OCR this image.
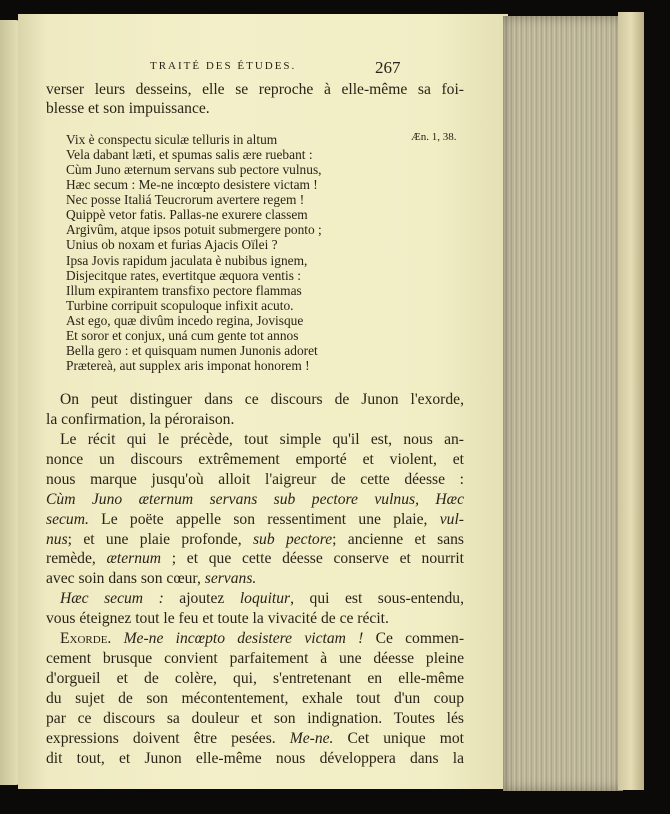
TRAITÉ DES ÉTUDES.	267
Æn. 1, 38.
verser leurs desseins, elle se reproche à elle-même sa foi-
blesse et son impuissance.
Vix è conspectu siculæ telluris in altum
Vela dabant læti, et spumas salis ære ruebant :
Cùm Juno æternum servans sub pectore vulnus,
Hæc secum : Me-ne incœpto desistere victam !
Nec posse Italiá Teucrorum avertere regem !
Quippè vetor fatis. Pallas-ne exurere classem
Argivûm, atque ipsos potuit submergere ponto ;
Unius ob noxam et furias Ajacis Oïlei ?
Ipsa Jovis rapidum jaculata è nubibus ignem,
Disjecitque rates, evertitque æquora ventis :
Illum expirantem transfixo pectore flammas
Turbine corripuit scopuloque infixit acuto.
Ast ego, quæ divûm incedo regina, Jovisque
Et soror et conjux, uná cum gente tot annos
Bella gero : et quisquam numen Junonis adoret
Prætereà, aut supplex aris imponat honorem !
On peut distinguer dans ce discours de Junon l'exorde,
la confirmation, la péroraison.
Le récit qui le précède, tout simple qu'il est, nous an-
nonce un discours extrêmement emporté et violent, et
nous marque jusqu'où alloit l'aigreur de cette déesse :
Cùm Juno æternum servans sub pectore vulnus, Hæc
secum. Le poëte appelle son ressentiment une plaie, vul-
nus; et une plaie profonde, sub pectore; ancienne et sans
remède, æternum ; et que cette déesse conserve et nourrit
avec soin dans son cœur, servans.
Hæc secum : ajoutez loquitur, qui est sous-entendu,
vous éteignez tout le feu et toute la vivacité de ce récit.
Exorde. Me-ne incœpto desistere victam ! Ce commen-
cement brusque convient parfaitement à une déesse pleine
d'orgueil et de colère, qui, s'entretenant en elle-même
du sujet de son mécontentement, exhale tout d'un coup
par ce discours sa douleur et son indignation. Toutes lés
expressions doivent être pesées. Me-ne. Cet unique mot
dit tout, et Junon elle-même nous développera dans la
